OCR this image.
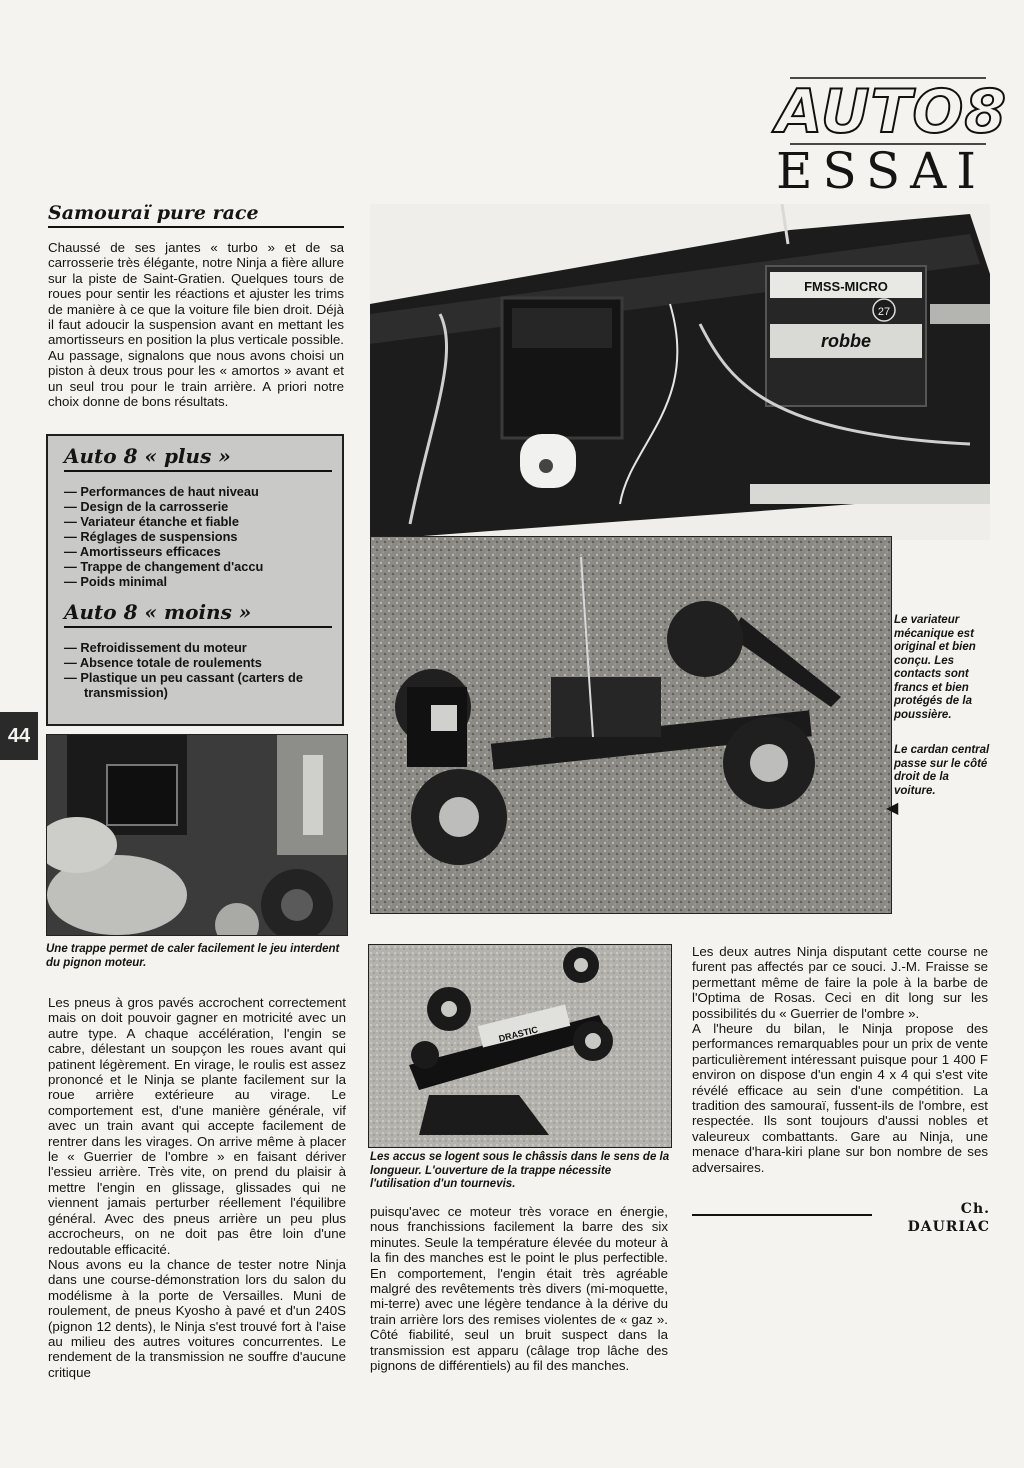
AUTO8
ESSAI
Samouraï pure race

Chaussé de ses jantes « turbo » et de sa carrosserie très élégante, notre Ninja a fière allure sur la piste de Saint-Gratien. Quelques tours de roues pour sentir les réactions et ajuster les trims de manière à ce que la voiture file bien droit. Déjà il faut adoucir la suspension avant en mettant les amortisseurs en position la plus verticale possible. Au passage, signalons que nous avons choisi un piston à deux trous pour les « amortos » avant et un seul trou pour le train arrière. A priori notre choix donne de bons résultats.

Auto 8 « plus »
— Performances de haut niveau
— Design de la carrosserie
— Variateur étanche et fiable
— Réglages de suspensions
— Amortisseurs efficaces
— Trappe de changement d'accu
— Poids minimal
Auto 8 « moins »
— Refroidissement du moteur
— Absence totale de roulements
— Plastique un peu cassant (carters de transmission)
44
FMSS-MICRO
robbe
27
Le variateur mécanique est original et bien conçu. Les contacts sont francs et bien protégés de la poussière.
Le cardan central passe sur le côté droit de la voiture.
◀
Une trappe permet de caler facilement le jeu interdent du pignon moteur.
DRASTIC
Les accus se logent sous le châssis dans le sens de la longueur. L'ouverture de la trappe nécessite l'utilisation d'un tournevis.

Les pneus à gros pavés accrochent correctement mais on doit pouvoir gagner en motricité avec un autre type. A chaque accélération, l'engin se cabre, délestant un soupçon les roues avant qui patinent légèrement. En virage, le roulis est assez prononcé et le Ninja se plante facilement sur la roue arrière extérieure au virage. Le comportement est, d'une manière générale, vif avec un train avant qui accepte facilement de rentrer dans les virages. On arrive même à placer le « Guerrier de l'ombre » en faisant dériver l'essieu arrière. Très vite, on prend du plaisir à mettre l'engin en glissage, glissades qui ne viennent jamais perturber réellement l'équilibre général. Avec des pneus arrière un peu plus accrocheurs, on ne doit pas être loin d'une redoutable efficacité.

Nous avons eu la chance de tester notre Ninja dans une course-démonstration lors du salon du modélisme à la porte de Versailles. Muni de roulement, de pneus Kyosho à pavé et d'un 240S (pignon 12 dents), le Ninja s'est trouvé fort à l'aise au milieu des autres voitures concurrentes. Le rendement de la transmission ne souffre d'aucune critique

puisqu'avec ce moteur très vorace en énergie, nous franchissions facilement la barre des six minutes. Seule la température élevée du moteur à la fin des manches est le point le plus perfectible. En comportement, l'engin était très agréable malgré des revêtements très divers (mi-moquette, mi-terre) avec une légère tendance à la dérive du train arrière lors des remises violentes de « gaz ». Côté fiabilité, seul un bruit suspect dans la transmission est apparu (câlage trop lâche des pignons de différentiels) au fil des manches.

Les deux autres Ninja disputant cette course ne furent pas affectés par ce souci. J.-M. Fraisse se permettant même de faire la pole à la barbe de l'Optima de Rosas. Ceci en dit long sur les possibilités du « Guerrier de l'ombre ».

A l'heure du bilan, le Ninja propose des performances remarquables pour un prix de vente particulièrement intéressant puisque pour 1 400 F environ on dispose d'un engin 4 x 4 qui s'est vite révélé efficace au sein d'une compétition. La tradition des samouraï, fussent-ils de l'ombre, est respectée. Ils sont toujours d'aussi nobles et valeureux combattants. Gare au Ninja, une menace d'hara-kiri plane sur bon nombre de ses adversaires.

Ch. DAURIAC
